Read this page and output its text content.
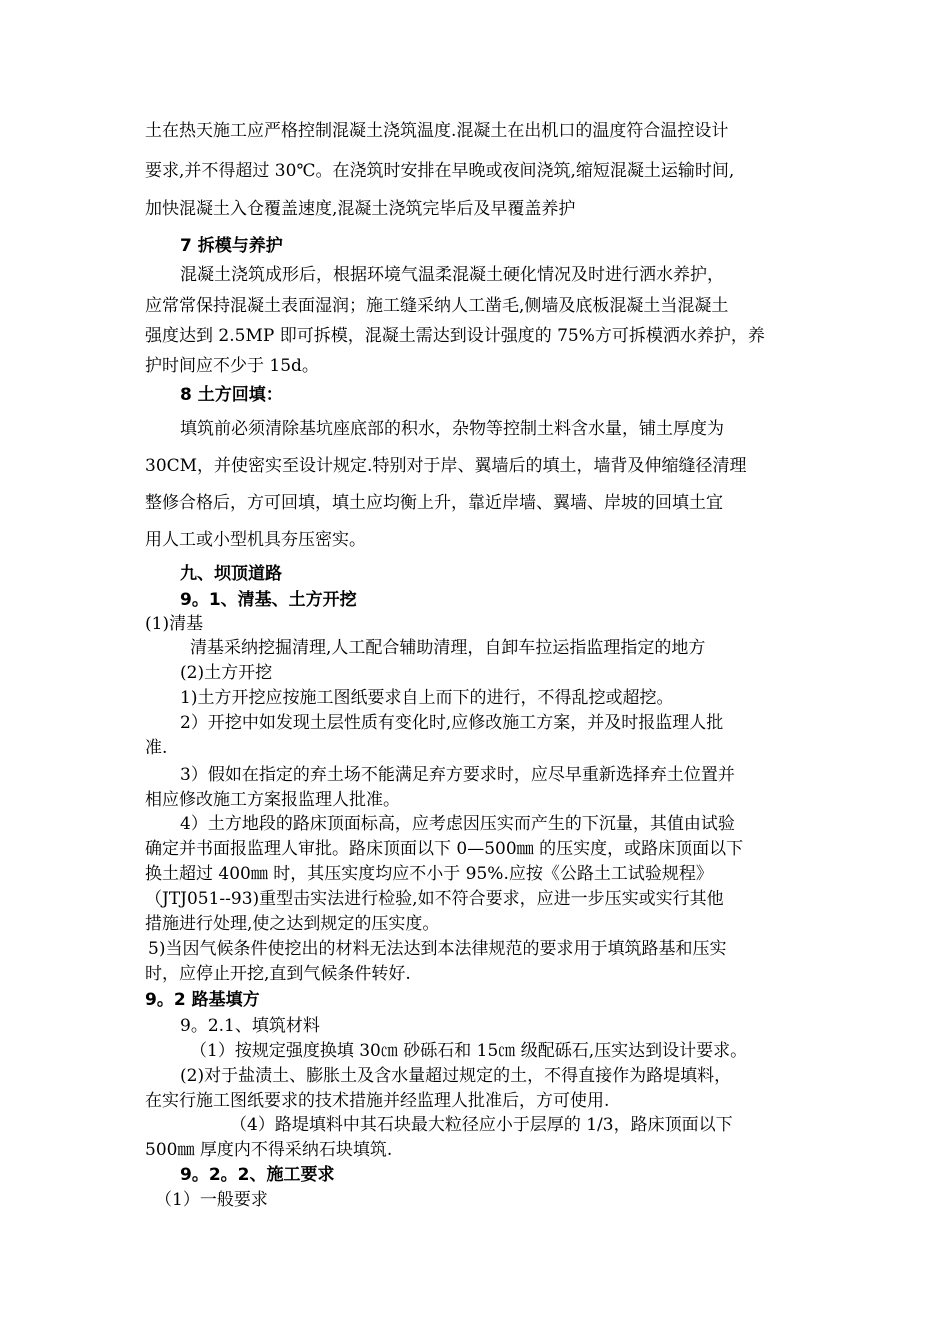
土在热天施工应严格控制混凝土浇筑温度.混凝土在出机口的温度符合温控设计
要求,并不得超过 30℃。在浇筑时安排在早晚或夜间浇筑,缩短混凝土运输时间,
加快混凝土入仓覆盖速度,混凝土浇筑完毕后及早覆盖养护
7 拆模与养护
混凝土浇筑成形后，根据环境气温柔混凝土硬化情况及时进行洒水养护，
应常常保持混凝土表面湿润；施工缝采纳人工凿毛,侧墙及底板混凝土当混凝土
强度达到 2.5MP 即可拆模，混凝土需达到设计强度的 75%方可拆模洒水养护，养
护时间应不少于 15d。
8 土方回填：
填筑前必须清除基坑座底部的积水，杂物等控制土料含水量，铺土厚度为
30CM，并使密实至设计规定.特别对于岸、翼墙后的填土，墙背及伸缩缝径清理
整修合格后，方可回填，填土应均衡上升，靠近岸墙、翼墙、岸坡的回填土宜
用人工或小型机具夯压密实。
九、坝顶道路
9。1、清基、土方开挖
(1)清基
清基采纳挖掘清理,人工配合辅助清理，自卸车拉运指监理指定的地方
(2)土方开挖
1)土方开挖应按施工图纸要求自上而下的进行，不得乱挖或超挖。
2）开挖中如发现土层性质有变化时,应修改施工方案，并及时报监理人批
准.
3）假如在指定的弃土场不能满足弃方要求时，应尽早重新选择弃土位置并
相应修改施工方案报监理人批准。
4）土方地段的路床顶面标高，应考虑因压实而产生的下沉量，其值由试验
确定并书面报监理人审批。路床顶面以下 0—500㎜ 的压实度，或路床顶面以下
换土超过 400㎜ 时，其压实度均应不小于 95%.应按《公路土工试验规程》
（JTJ051--93)重型击实法进行检验,如不符合要求，应进一步压实或实行其他
措施进行处理,使之达到规定的压实度。
5)当因气候条件使挖出的材料无法达到本法律规范的要求用于填筑路基和压实
时，应停止开挖,直到气候条件转好.
9。2 路基填方
9。2.1、填筑材料
（1）按规定强度换填 30㎝ 砂砾石和 15㎝ 级配砾石,压实达到设计要求。
(2)对于盐渍土、膨胀土及含水量超过规定的土，不得直接作为路堤填料，
在实行施工图纸要求的技术措施并经监理人批准后，方可使用.
（4）路堤填料中其石块最大粒径应小于层厚的 1/3，路床顶面以下
500㎜ 厚度内不得采纳石块填筑.
9。2。2、施工要求
（1）一般要求
